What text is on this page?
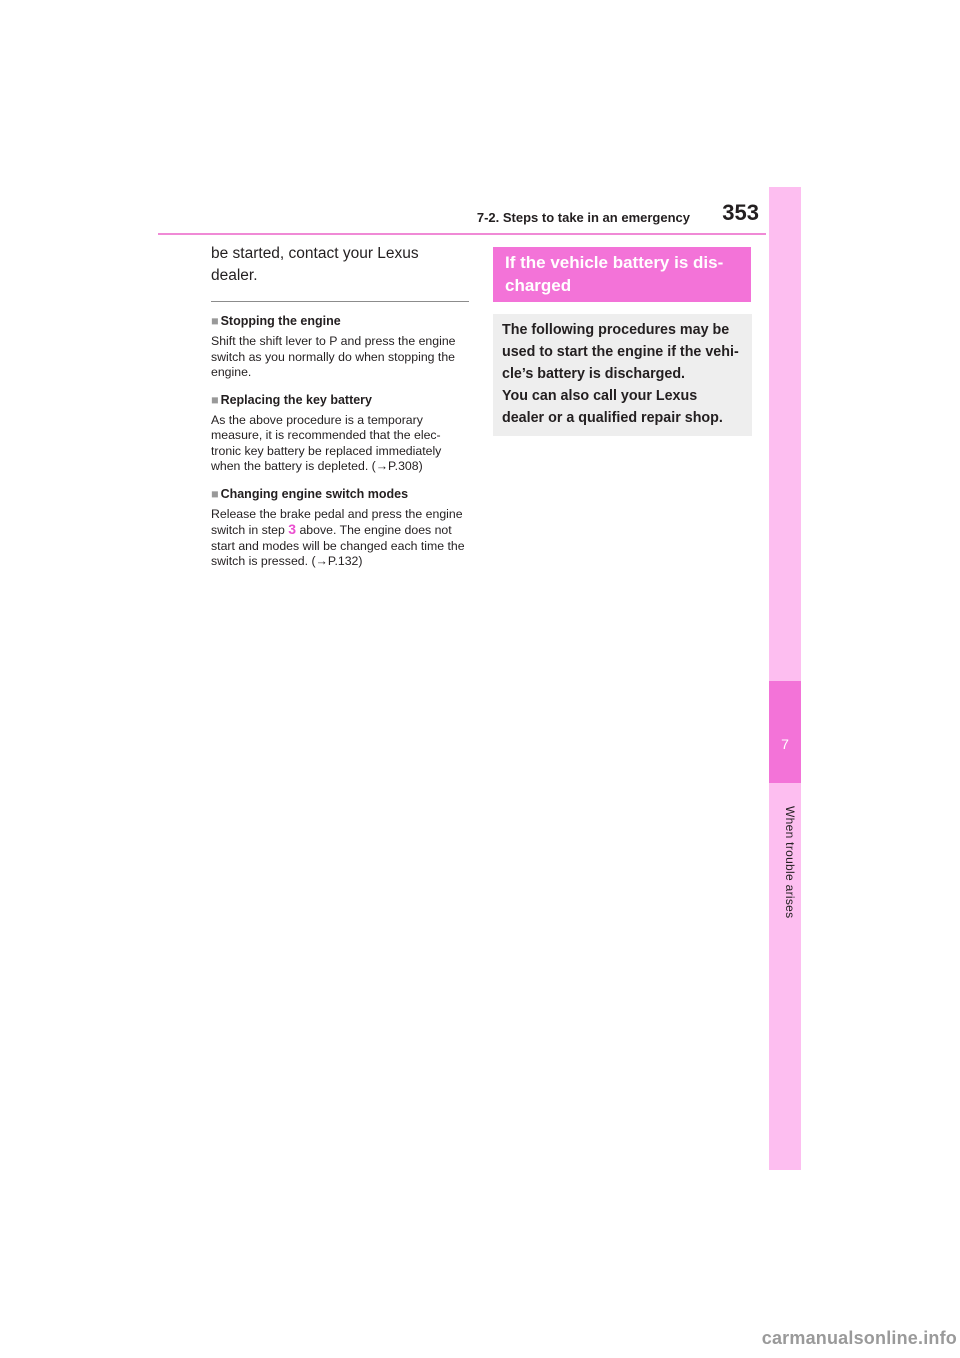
7-2. Steps to take in an emergency	353
7
When trouble arises

be started, contact your Lexus dealer.

■ Stopping the engine
Shift the shift lever to P and press the engine switch as you normally do when stopping the engine.
■ Replacing the key battery
As the above procedure is a temporary measure, it is recommended that the elec- tronic key battery be replaced immediately when the battery is depleted. (→P.308)
■ Changing engine switch modes
Release the brake pedal and press the engine switch in step 3 above. The engine does not start and modes will be changed each time the switch is pressed. (→P.132)
If the vehicle battery is dis- charged

The following procedures may be used to start the engine if the vehi- cle’s battery is discharged.

You can also call your Lexus dealer or a qualified repair shop.

carmanualsonline.info
